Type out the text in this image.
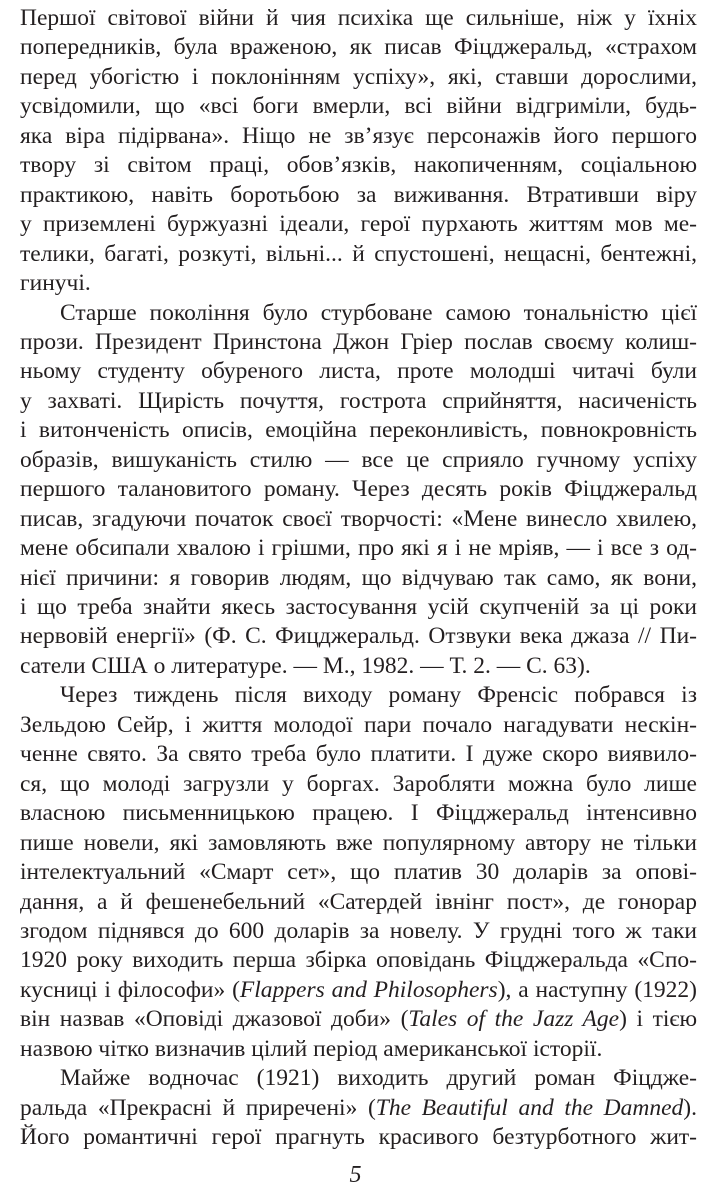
Першої світової війни й чия психіка ще сильніше, ніж у їхніх
попередників, була враженою, як писав Фіцджеральд, «страхом
перед убогістю і поклонінням успіху», які, ставши дорослими,
усвідомили, що «всі боги вмерли, всі війни відгриміли, будь-
яка віра підірвана». Ніщо не зв’язує персонажів його першого
твору зі світом праці, обов’язків, накопиченням, соціальною
практикою, навіть боротьбою за виживання. Втративши віру
у приземлені буржуазні ідеали, герої пурхають життям мов ме-
телики, багаті, розкуті, вільні... й спустошені, нещасні, бентежні,
гинучі.
Старше покоління було стурбоване самою тональністю цієї
прози. Президент Принстона Джон Гріер послав своєму колиш-
ньому студенту обуреного листа, проте молодші читачі були
у захваті. Щирість почуття, гострота сприйняття, насиченість
і витонченість описів, емоційна переконливість, повнокровність
образів, вишуканість стилю — все це сприяло гучному успіху
першого талановитого роману. Через десять років Фіцджеральд
писав, згадуючи початок своєї творчості: «Мене винесло хвилею,
мене обсипали хвалою і грішми, про які я і не мріяв, — і все з од-
нієї причини: я говорив людям, що відчуваю так само, як вони,
і що треба знайти якесь застосування усій скупченій за ці роки
нервовій енергії» (Ф. С. Фицджеральд. Отзвуки века джаза // Пи-
сатели США о литературе. — М., 1982. — Т. 2. — С. 63).
Через тиждень після виходу роману Френсіс побрався із
Зельдою Сейр, і життя молодої пари почало нагадувати нескін-
ченне свято. За свято треба було платити. І дуже скоро виявило-
ся, що молоді загрузли у боргах. Заробляти можна було лише
власною письменницькою працею. І Фіцджеральд інтенсивно
пише новели, які замовляють вже популярному автору не тільки
інтелектуальний «Смарт сет», що платив 30 доларів за опові-
дання, а й фешенебельний «Сатердей івнінг пост», де гонорар
згодом піднявся до 600 доларів за новелу. У грудні того ж таки
1920 року виходить перша збірка оповідань Фіцджеральда «Спо-
кусниці і філософи» (Flappers and Philosophers), а наступну (1922)
він назвав «Оповіді джазової доби» (Tales of the Jazz Age) і тією
назвою чітко визначив цілий період американської історії.
Майже водночас (1921) виходить другий роман Фіцдже-
ральда «Прекрасні й приречені» (The Beautiful and the Damned).
Його романтичні герої прагнуть красивого безтурботного жит-
5
